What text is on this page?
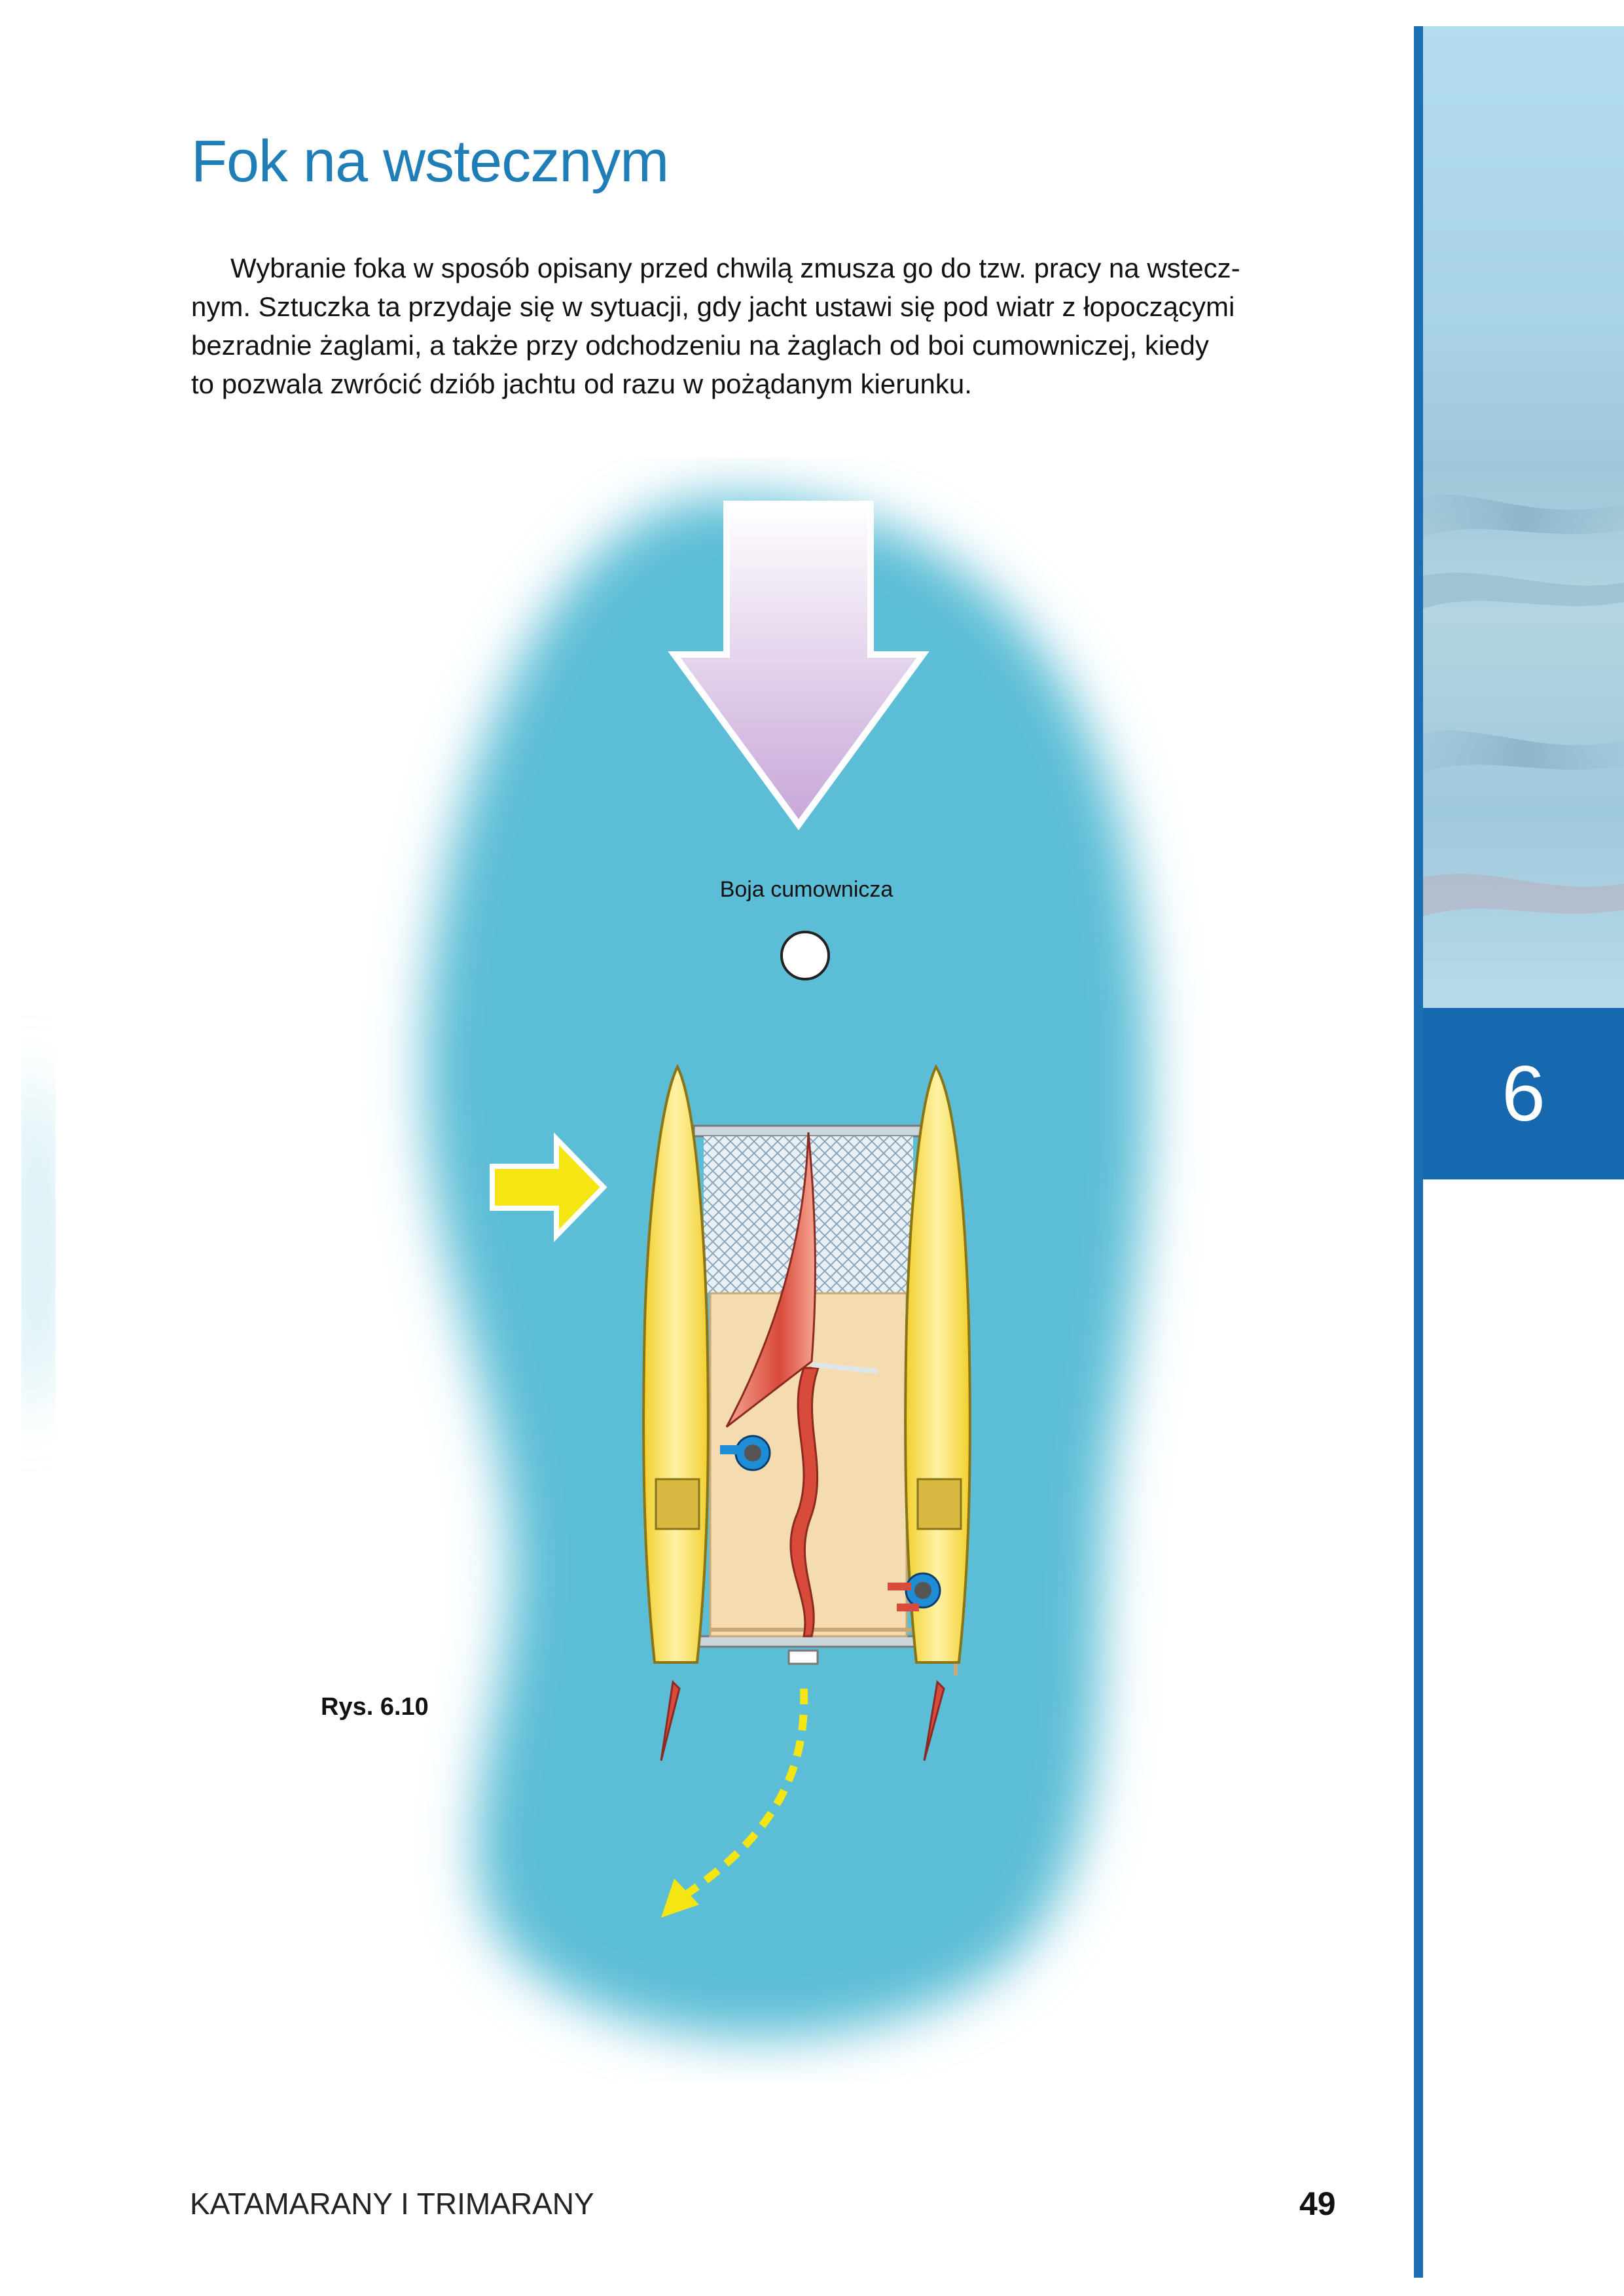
Fok na wstecznym
Wybranie foka w sposób opisany przed chwilą zmusza go do tzw. pracy na wstecz-
nym. Sztuczka ta przydaje się w sytuacji, gdy jacht ustawi się pod wiatr z łopoczącymi
bezradnie żaglami, a także przy odchodzeniu na żaglach od boi cumowniczej, kiedy
to pozwala zwrócić dziób jachtu od razu w pożądanym kierunku.
6
Boja cumownicza
Rys. 6.10
KATAMARANY I TRIMARANY	49
